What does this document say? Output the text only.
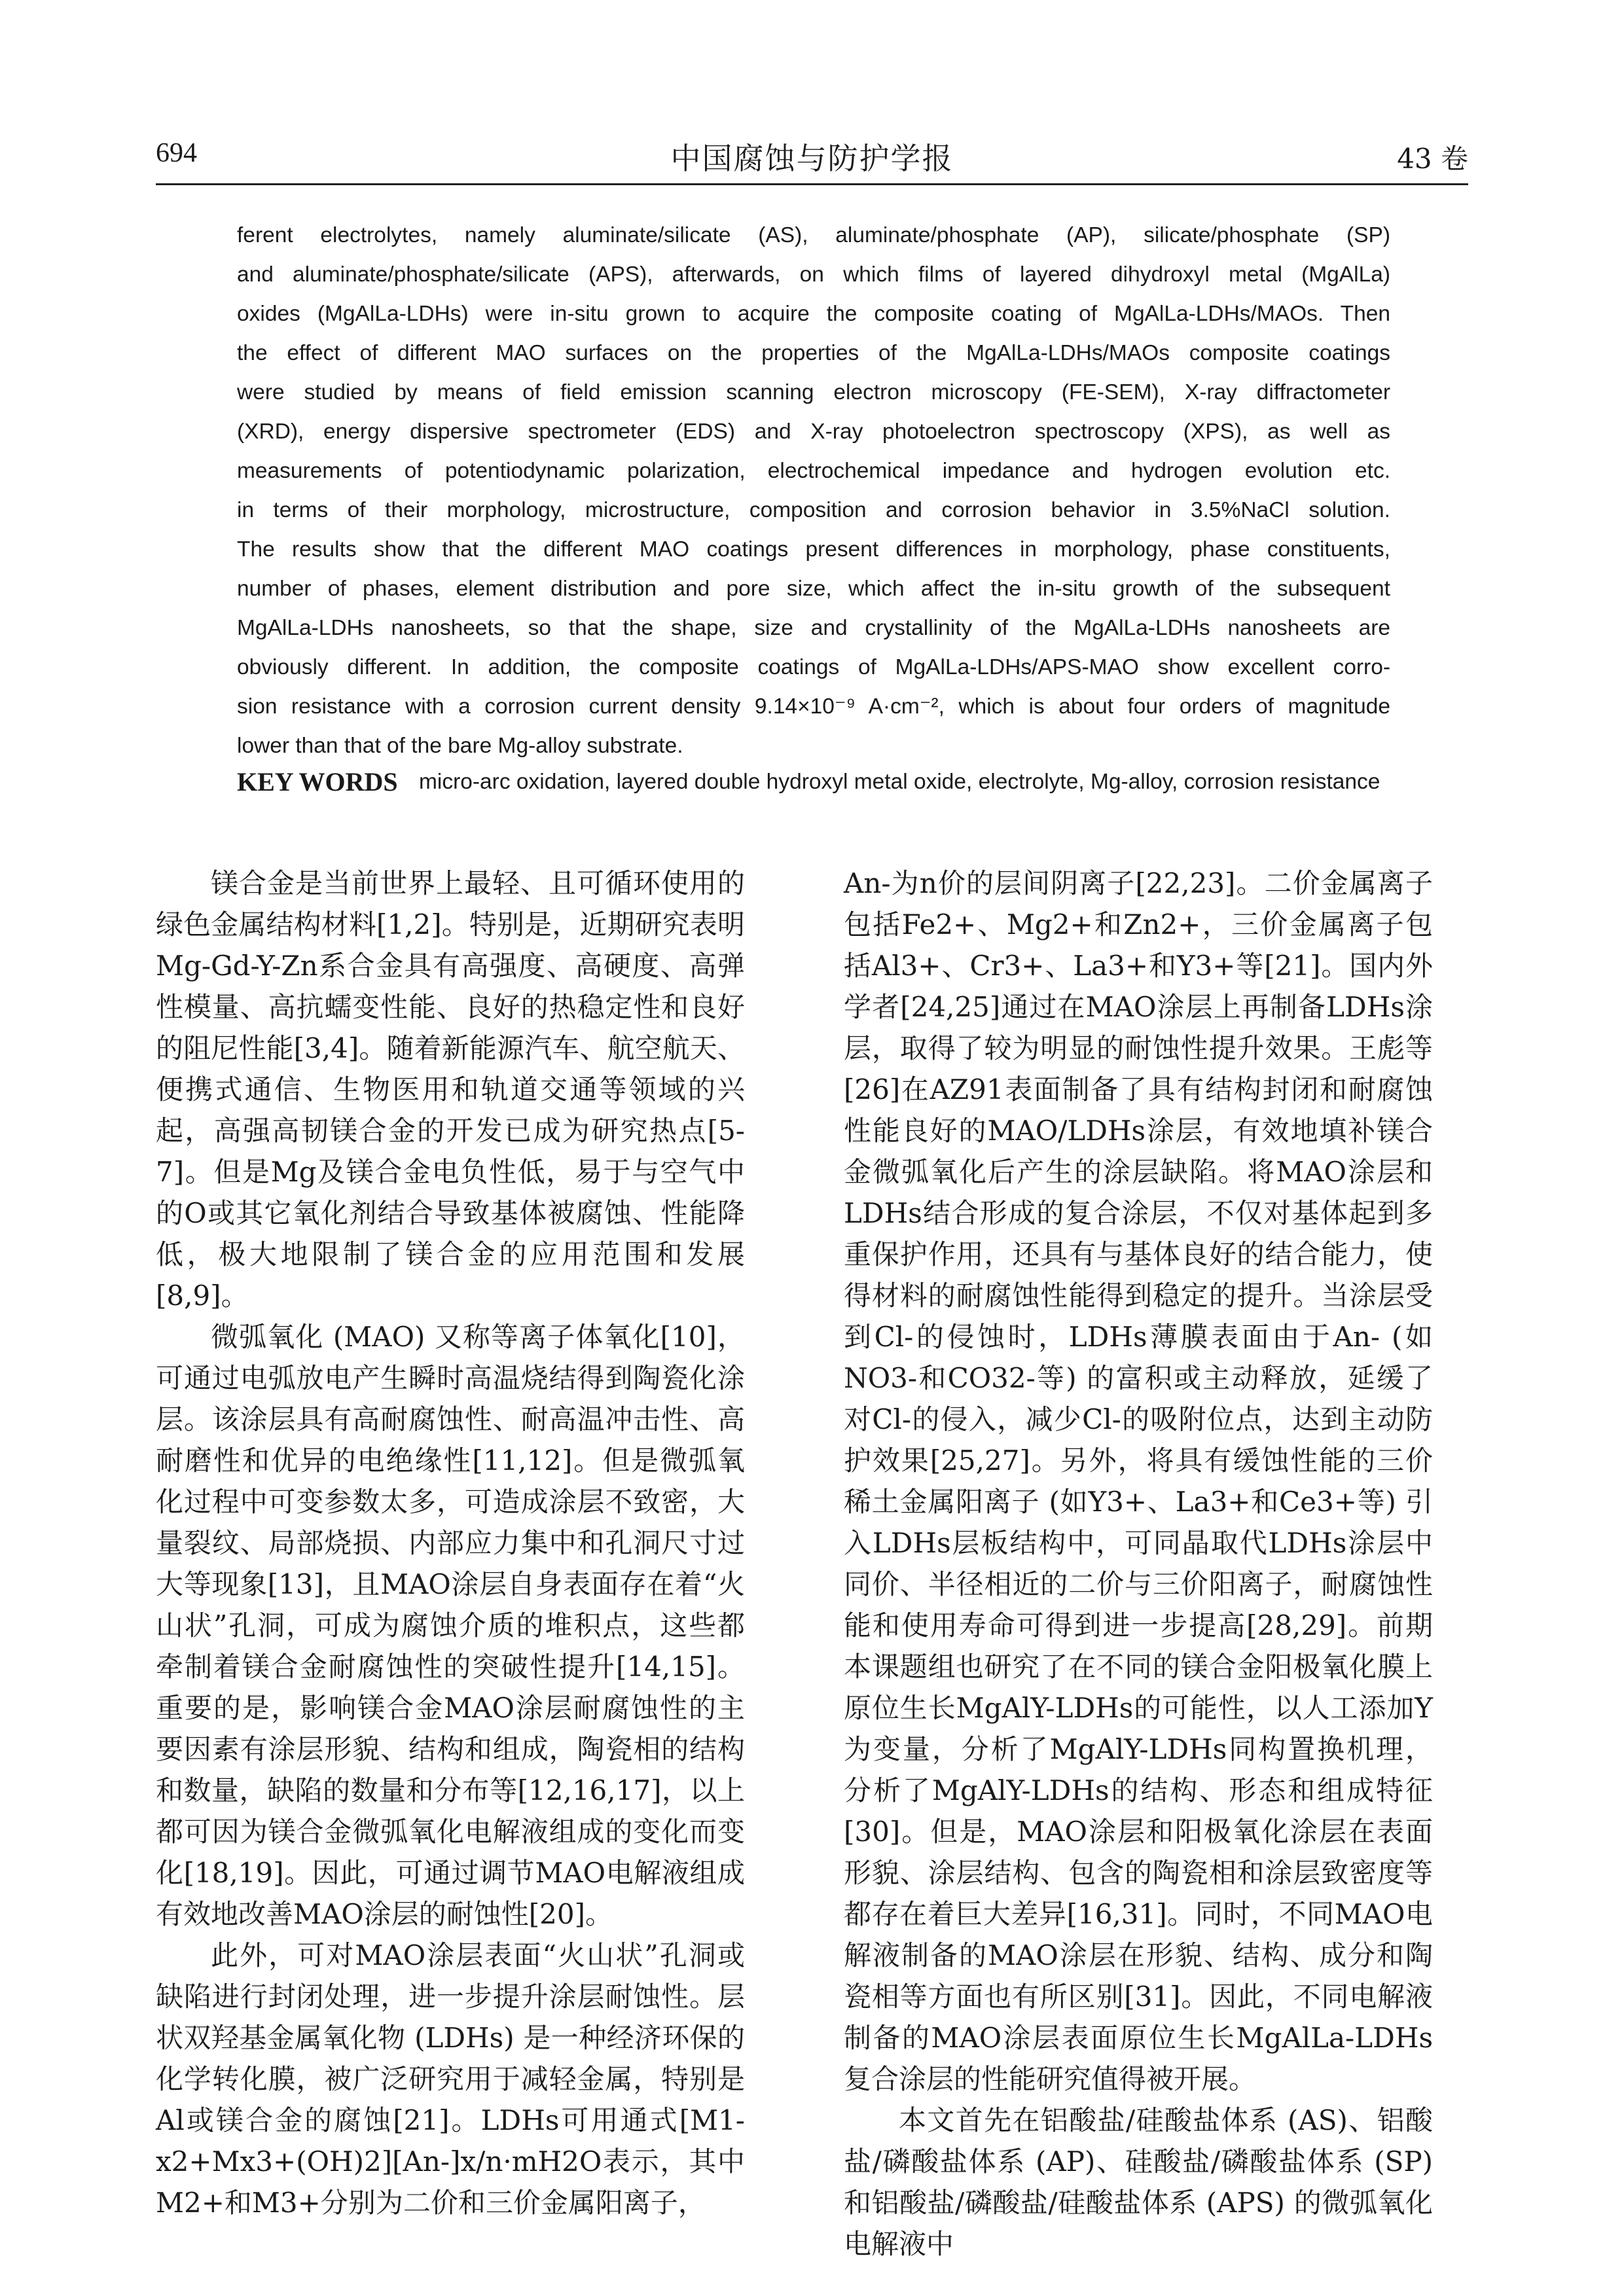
694	中国腐蚀与防护学报	43 卷
ferent electrolytes, namely aluminate/silicate (AS), aluminate/phosphate (AP), silicate/phosphate (SP)
and aluminate/phosphate/silicate (APS), afterwards, on which films of layered dihydroxyl metal (MgAlLa)
oxides (MgAlLa-LDHs) were in-situ grown to acquire the composite coating of MgAlLa-LDHs/MAOs. Then
the effect of different MAO surfaces on the properties of the MgAlLa-LDHs/MAOs composite coatings
were studied by means of field emission scanning electron microscopy (FE-SEM), X-ray diffractometer
(XRD), energy dispersive spectrometer (EDS) and X-ray photoelectron spectroscopy (XPS), as well as
measurements of potentiodynamic polarization, electrochemical impedance and hydrogen evolution etc.
in terms of their morphology, microstructure, composition and corrosion behavior in 3.5%NaCl solution.
The results show that the different MAO coatings present differences in morphology, phase constituents,
number of phases, element distribution and pore size, which affect the in-situ growth of the subsequent
MgAlLa-LDHs nanosheets, so that the shape, size and crystallinity of the MgAlLa-LDHs nanosheets are
obviously different. In addition, the composite coatings of MgAlLa-LDHs/APS-MAO show excellent corro-
sion resistance with a corrosion current density 9.14×10⁻⁹ A·cm⁻², which is about four orders of magnitude
lower than that of the bare Mg-alloy substrate.
KEY WORDS micro-arc oxidation, layered double hydroxyl metal oxide, electrolyte, Mg-alloy, corrosion resistance

镁合金是当前世界上最轻、且可循环使用的绿色金属结构材料[1,2]。特别是，近期研究表明Mg-Gd-Y-Zn系合金具有高强度、高硬度、高弹性模量、高抗蠕变性能、良好的热稳定性和良好的阻尼性能[3,4]。随着新能源汽车、航空航天、便携式通信、生物医用和轨道交通等领域的兴起，高强高韧镁合金的开发已成为研究热点[5-7]。但是Mg及镁合金电负性低，易于与空气中的O或其它氧化剂结合导致基体被腐蚀、性能降低，极大地限制了镁合金的应用范围和发展[8,9]。

微弧氧化 (MAO) 又称等离子体氧化[10]，可通过电弧放电产生瞬时高温烧结得到陶瓷化涂层。该涂层具有高耐腐蚀性、耐高温冲击性、高耐磨性和优异的电绝缘性[11,12]。但是微弧氧化过程中可变参数太多，可造成涂层不致密，大量裂纹、局部烧损、内部应力集中和孔洞尺寸过大等现象[13]，且MAO涂层自身表面存在着“火山状”孔洞，可成为腐蚀介质的堆积点，这些都牵制着镁合金耐腐蚀性的突破性提升[14,15]。重要的是，影响镁合金MAO涂层耐腐蚀性的主要因素有涂层形貌、结构和组成，陶瓷相的结构和数量，缺陷的数量和分布等[12,16,17]，以上都可因为镁合金微弧氧化电解液组成的变化而变化[18,19]。因此，可通过调节MAO电解液组成有效地改善MAO涂层的耐蚀性[20]。

此外，可对MAO涂层表面“火山状”孔洞或缺陷进行封闭处理，进一步提升涂层耐蚀性。层状双羟基金属氧化物 (LDHs) 是一种经济环保的化学转化膜，被广泛研究用于减轻金属，特别是Al或镁合金的腐蚀[21]。LDHs可用通式[M1-x2+Mx3+(OH)2][An-]x/n·mH2O表示，其中M2+和M3+分别为二价和三价金属阳离子，

An-为n价的层间阴离子[22,23]。二价金属离子包括Fe2+、Mg2+和Zn2+，三价金属离子包括Al3+、Cr3+、La3+和Y3+等[21]。国内外学者[24,25]通过在MAO涂层上再制备LDHs涂层，取得了较为明显的耐蚀性提升效果。王彪等[26]在AZ91表面制备了具有结构封闭和耐腐蚀性能良好的MAO/LDHs涂层，有效地填补镁合金微弧氧化后产生的涂层缺陷。将MAO涂层和LDHs结合形成的复合涂层，不仅对基体起到多重保护作用，还具有与基体良好的结合能力，使得材料的耐腐蚀性能得到稳定的提升。当涂层受到Cl-的侵蚀时，LDHs薄膜表面由于An- (如NO3-和CO32-等) 的富积或主动释放，延缓了对Cl-的侵入，减少Cl-的吸附位点，达到主动防护效果[25,27]。另外，将具有缓蚀性能的三价稀土金属阳离子 (如Y3+、La3+和Ce3+等) 引入LDHs层板结构中，可同晶取代LDHs涂层中同价、半径相近的二价与三价阳离子，耐腐蚀性能和使用寿命可得到进一步提高[28,29]。前期本课题组也研究了在不同的镁合金阳极氧化膜上原位生长MgAlY-LDHs的可能性，以人工添加Y为变量，分析了MgAlY-LDHs同构置换机理，分析了MgAlY-LDHs的结构、形态和组成特征[30]。但是，MAO涂层和阳极氧化涂层在表面形貌、涂层结构、包含的陶瓷相和涂层致密度等都存在着巨大差异[16,31]。同时，不同MAO电解液制备的MAO涂层在形貌、结构、成分和陶瓷相等方面也有所区别[31]。因此，不同电解液制备的MAO涂层表面原位生长MgAlLa-LDHs复合涂层的性能研究值得被开展。

本文首先在铝酸盐/硅酸盐体系 (AS)、铝酸盐/磷酸盐体系 (AP)、硅酸盐/磷酸盐体系 (SP) 和铝酸盐/磷酸盐/硅酸盐体系 (APS) 的微弧氧化电解液中
